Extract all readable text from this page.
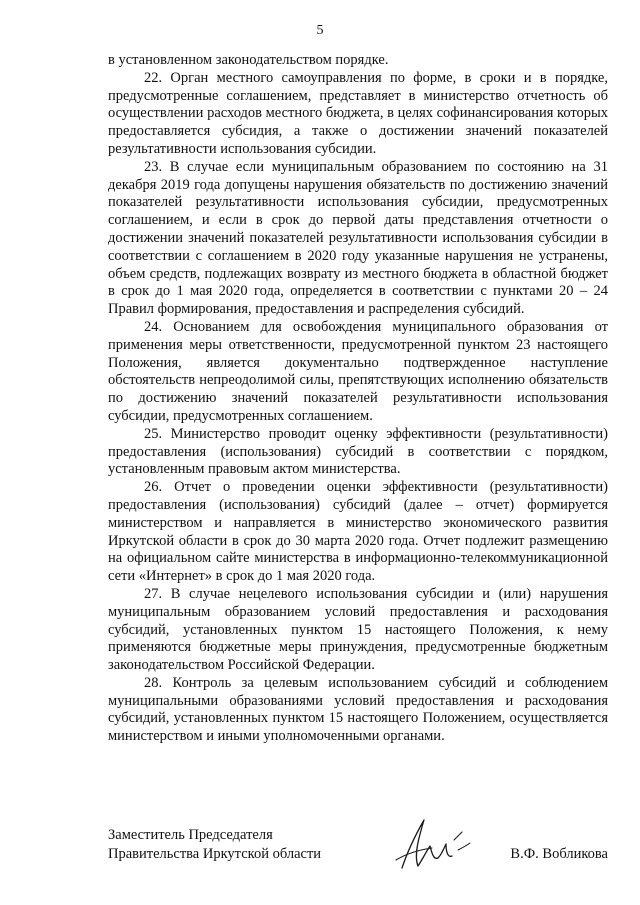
5

в установленном законодательством порядке.

22. Орган местного самоуправления по форме, в сроки и в порядке, предусмотренные соглашением, представляет в министерство отчетность об осуществлении расходов местного бюджета, в целях софинансирования которых предоставляется субсидия, а также о достижении значений показателей результативности использования субсидии.

23. В случае если муниципальным образованием по состоянию на 31 декабря 2019 года допущены нарушения обязательств по достижению значений показателей результативности использования субсидии, предусмотренных соглашением, и если в срок до первой даты представления отчетности о достижении значений показателей результативности использования субсидии в соответствии с соглашением в 2020 году указанные нарушения не устранены, объем средств, подлежащих возврату из местного бюджета в областной бюджет в срок до 1 мая 2020 года, определяется в соответствии с пунктами 20 – 24 Правил формирования, предоставления и распределения субсидий.

24. Основанием для освобождения муниципального образования от применения меры ответственности, предусмотренной пунктом 23 настоящего Положения, является документально подтвержденное наступление обстоятельств непреодолимой силы, препятствующих исполнению обязательств по достижению значений показателей результативности использования субсидии, предусмотренных соглашением.

25. Министерство проводит оценку эффективности (результативности) предоставления (использования) субсидий в соответствии с порядком, установленным правовым актом министерства.

26. Отчет о проведении оценки эффективности (результативности) предоставления (использования) субсидий (далее – отчет) формируется министерством и направляется в министерство экономического развития Иркутской области в срок до 30 марта 2020 года. Отчет подлежит размещению на официальном сайте министерства в информационно-телекоммуникационной сети «Интернет» в срок до 1 мая 2020 года.

27. В случае нецелевого использования субсидии и (или) нарушения муниципальным образованием условий предоставления и расходования субсидий, установленных пунктом 15 настоящего Положения, к нему применяются бюджетные меры принуждения, предусмотренные бюджетным законодательством Российской Федерации.

28. Контроль за целевым использованием субсидий и соблюдением муниципальными образованиями условий предоставления и расходования субсидий, установленных пунктом 15 настоящего Положением, осуществляется министерством и иными уполномоченными органами.

Заместитель Председателя
Правительства Иркутской области	В.Ф. Вобликова
